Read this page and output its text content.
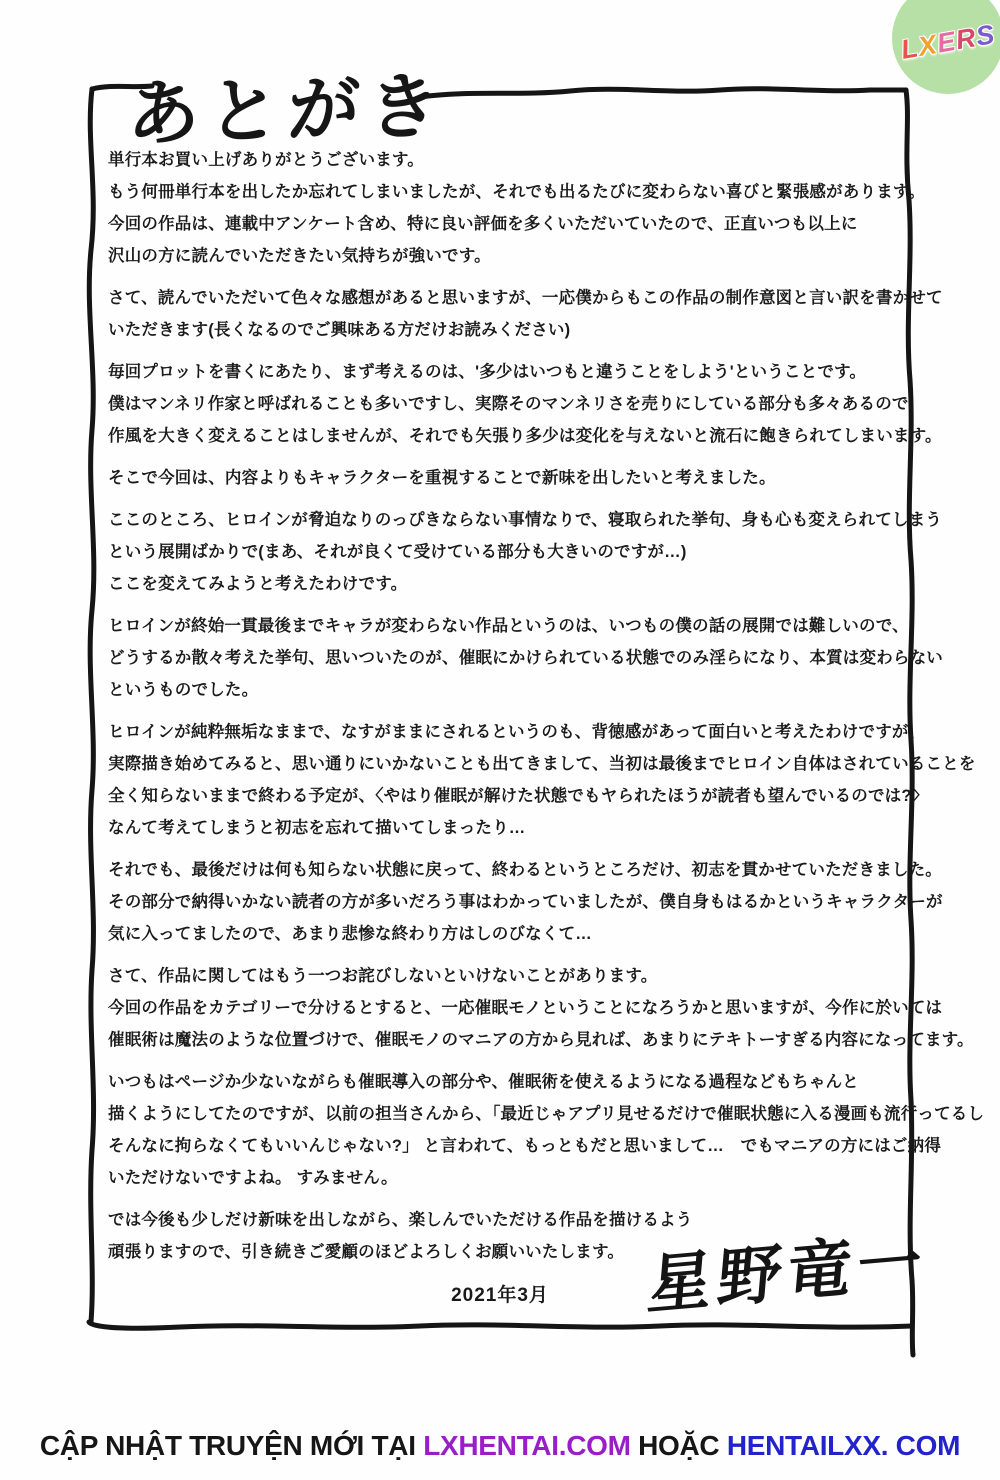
LXERS
あとがき
単行本お買い上げありがとうございます。
もう何冊単行本を出したか忘れてしまいましたが、それでも出るたびに変わらない喜びと緊張感があります。
今回の作品は、連載中アンケート含め、特に良い評価を多くいただいていたので、正直いつも以上に
沢山の方に読んでいただきたい気持ちが強いです。
さて、読んでいただいて色々な感想があると思いますが、一応僕からもこの作品の制作意図と言い訳を書かせて
いただきます(長くなるのでご興味ある方だけお読みください)
毎回プロットを書くにあたり、まず考えるのは、'多少はいつもと違うことをしよう'ということです。
僕はマンネリ作家と呼ばれることも多いですし、実際そのマンネリさを売りにしている部分も多々あるので、
作風を大きく変えることはしませんが、それでも矢張り多少は変化を与えないと流石に飽きられてしまいます。
そこで今回は、内容よりもキャラクターを重視することで新味を出したいと考えました。
ここのところ、ヒロインが脅迫なりのっぴきならない事情なりで、寝取られた挙句、身も心も変えられてしまう
という展開ばかりで(まあ、それが良くて受けている部分も大きいのですが…)
ここを変えてみようと考えたわけです。
ヒロインが終始一貫最後までキャラが変わらない作品というのは、いつもの僕の話の展開では難しいので、
どうするか散々考えた挙句、思いついたのが、催眠にかけられている状態でのみ淫らになり、本質は変わらない
というものでした。
ヒロインが純粋無垢なままで、なすがままにされるというのも、背徳感があって面白いと考えたわけですが、
実際描き始めてみると、思い通りにいかないことも出てきまして、当初は最後までヒロイン自体はされていることを
全く知らないままで終わる予定が、〈やはり催眠が解けた状態でもヤられたほうが読者も望んでいるのでは?〉
なんて考えてしまうと初志を忘れて描いてしまったり…
それでも、最後だけは何も知らない状態に戻って、終わるというところだけ、初志を貫かせていただきました。
その部分で納得いかない読者の方が多いだろう事はわかっていましたが、僕自身もはるかというキャラクターが
気に入ってましたので、あまり悲惨な終わり方はしのびなくて…
さて、作品に関してはもう一つお詫びしないといけないことがあります。
今回の作品をカテゴリーで分けるとすると、一応催眠モノということになろうかと思いますが、今作に於いては
催眠術は魔法のような位置づけで、催眠モノのマニアの方から見れば、あまりにテキトーすぎる内容になってます。
いつもはページか少ないながらも催眠導入の部分や、催眠術を使えるようになる過程などもちゃんと
描くようにしてたのですが、以前の担当さんから、「最近じゃアプリ見せるだけで催眠状態に入る漫画も流行ってるし
そんなに拘らなくてもいいんじゃない?」 と言われて、もっともだと思いまして…　でもマニアの方にはご納得
いただけないですよね。 すみません。
では今後も少しだけ新味を出しながら、楽しんでいただける作品を描けるよう
頑張りますので、引き続きご愛顧のほどよろしくお願いいたします。
2021年3月	星野竜一
CẬP NHẬT TRUYỆN MỚI TẠI LXHENTAI.COM HOẶC HENTAILXX. COM
